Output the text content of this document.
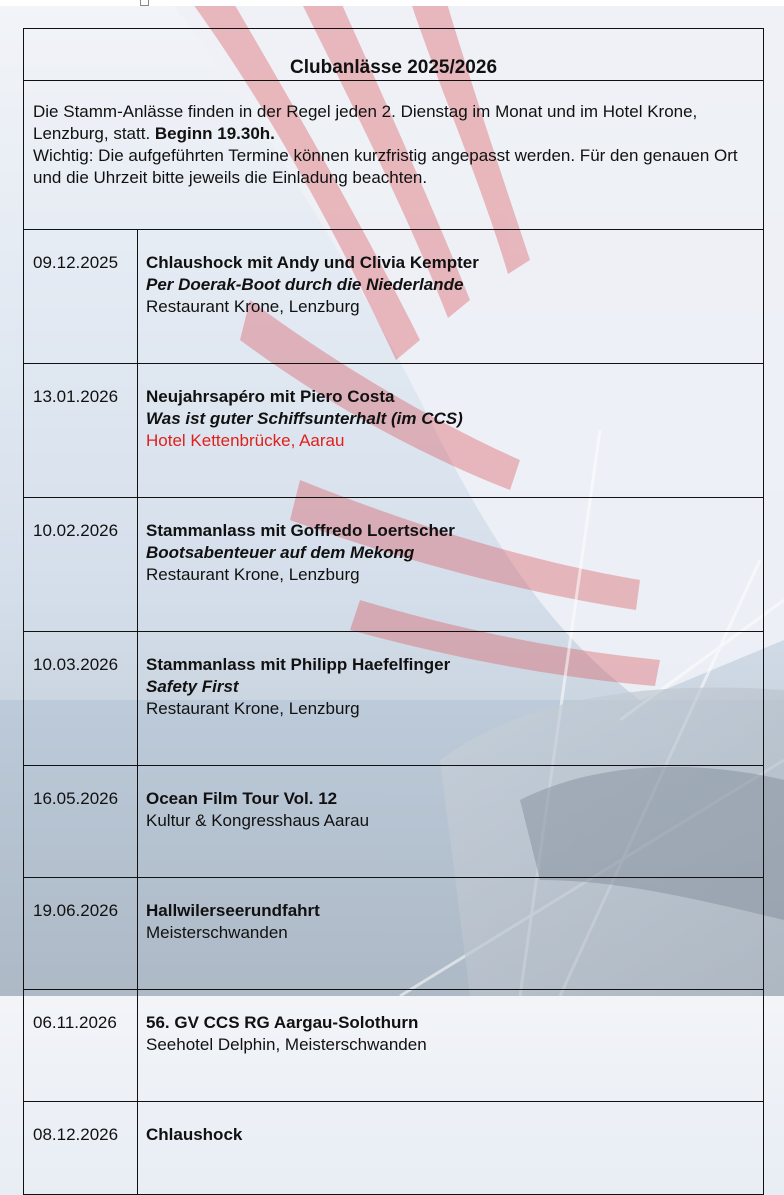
Clubanlässe 2025/2026	
Die Stamm-Anlässe finden in der Regel jeden 2. Dienstag im Monat und im Hotel Krone, Lenzburg, statt. Beginn 19.30h.
Wichtig: Die aufgeführten Termine können kurzfristig angepasst werden. Für den genauen Ort und die Uhrzeit bitte jeweils die Einladung beachten.	
09.12.2025	Chlaushock mit Andy und Clivia Kempter
Per Doerak-Boot durch die Niederlande
Restaurant Krone, Lenzburg

13.01.2026	Neujahrsapéro mit Piero Costa
Was ist guter Schiffsunterhalt (im CCS)
Hotel Kettenbrücke, Aarau

10.02.2026	Stammanlass mit Goffredo Loertscher
Bootsabenteuer auf dem Mekong
Restaurant Krone, Lenzburg

10.03.2026	Stammanlass mit Philipp Haefelfinger
Safety First
Restaurant Krone, Lenzburg

16.05.2026	Ocean Film Tour Vol. 12
Kultur & Kongresshaus Aarau

19.06.2026	Hallwilerseerundfahrt
Meisterschwanden

06.11.2026	56. GV CCS RG Aargau-Solothurn
Seehotel Delphin, Meisterschwanden

08.12.2026	Chlaushock
